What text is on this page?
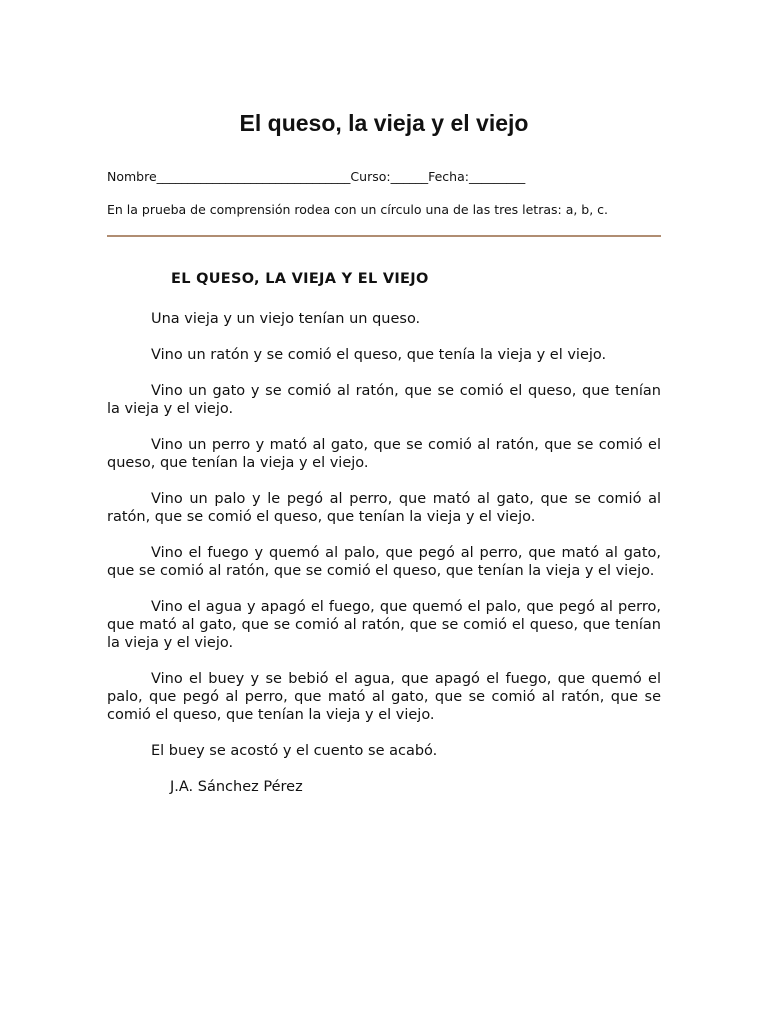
El queso, la vieja y el viejo
Nombre_______________________________Curso:______Fecha:_________
En la prueba de comprensión rodea con un círculo una de las tres letras: a, b, c.
EL QUESO, LA VIEJA Y EL VIEJO

Una vieja y un viejo tenían un queso.

Vino un ratón y se comió el queso, que tenía la vieja y el viejo.

Vino un gato y se comió al ratón, que se comió el queso, que tenían la vieja y el viejo.

Vino un perro y mató al gato, que se comió al ratón, que se comió el queso, que tenían la vieja y el viejo.

Vino un palo y le pegó al perro, que mató al gato, que se comió al ratón, que se comió el queso, que tenían la vieja y el viejo.

Vino el fuego y quemó al palo, que pegó al perro, que mató al gato, que se comió al ratón, que se comió el queso, que tenían la vieja y el viejo.

Vino el agua y apagó el fuego, que quemó el palo, que pegó al perro, que mató al gato, que se comió al ratón, que se comió el queso, que tenían la vieja y el viejo.

Vino el buey y se bebió el agua, que apagó el fuego, que quemó el palo, que pegó al perro, que mató al gato, que se comió al ratón, que se comió el queso, que tenían la vieja y el viejo.

El buey se acostó y el cuento se acabó.

J.A. Sánchez Pérez
